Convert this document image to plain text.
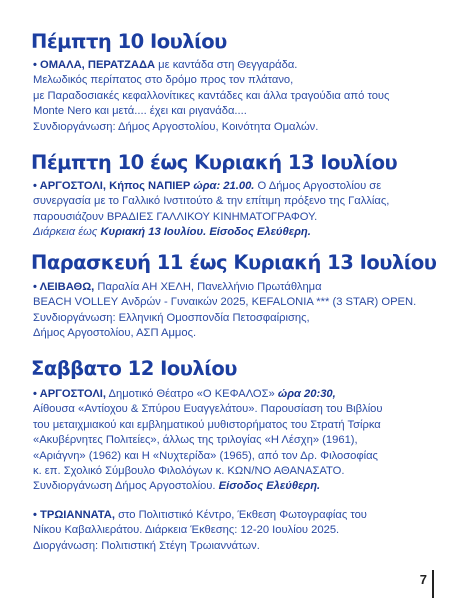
Πέμπτη 10 Ιουλίου
• ΟΜΑΛΑ, ΠΕΡΑΤΖΑΔΑ με καντάδα στη Θεγγαράδα.
Μελωδικός περίπατος στο δρόμο προς τον πλάτανο,
με Παραδοσιακές κεφαλλονίτικες καντάδες και άλλα τραγούδια από τους
Monte Nero και μετά.... έχει και ριγανάδα....
Συνδιοργάνωση: Δήμος Αργοστολίου, Κοινότητα Ομαλών.
Πέμπτη 10 έως Κυριακή 13 Ιουλίου
• ΑΡΓΟΣΤΟΛΙ, Κήπος ΝΑΠΙΕΡ ώρα: 21.00. Ο Δήμος Αργοστολίου σε
συνεργασία με το Γαλλικό Ινστιτούτο & την επίτιμη πρόξενο της Γαλλίας,
παρουσιάζουν ΒΡΑΔΙΕΣ ΓΑΛΛΙΚΟΥ ΚΙΝΗΜΑΤΟΓΡΑΦΟΥ.
Διάρκεια έως Κυριακή 13 Ιουλίου. Είσοδος Ελεύθερη.
Παρασκευή 11 έως Κυριακή 13 Ιουλίου
• ΛΕΙΒΑΘΩ, Παραλία ΑΗ ΧΕΛΗ, Πανελλήνιο Πρωτάθλημα
BEACH VOLLEY Ανδρών - Γυναικών 2025, KEFALONIA *** (3 STAR) OPEN.
Συνδιοργάνωση: Ελληνική Ομοσπονδία Πετοσφαίρισης,
Δήμος Αργοστολίου, ΑΣΠ Αμμος.
Σαββατο 12 Ιουλίου
• ΑΡΓΟΣΤΟΛΙ, Δημοτικό Θέατρο «Ο ΚΕΦΑΛΟΣ» ώρα 20:30,
Αίθουσα «Αντίοχου & Σπύρου Ευαγγελάτου». Παρουσίαση του Βιβλίου
του μεταιχμιακού και εμβληματικού μυθιστορήματος του Στρατή Τσίρκα
«Ακυβέρνητες Πολιτείες», άλλως της τριλογίας «Η Λέσχη» (1961),
«Αριάγνη» (1962) και Η «Νυχτερίδα» (1965), από τον Δρ. Φιλοσοφίας
κ. επ. Σχολικό Σύμβουλο Φιλολόγων κ. ΚΩΝ/ΝΟ ΑΘΑΝΑΣΑΤΟ.
Συνδιοργάνωση Δήμος Αργοστολίου. Είσοδος Ελεύθερη.
• ΤΡΩΙΑΝΝΑΤΑ, στο Πολιτιστικό Κέντρο, Έκθεση Φωτογραφίας του
Νίκου Καβαλλιεράτου. Διάρκεια Έκθεσης: 12-20 Ιουλίου 2025.
Διοργάνωση: Πολιτιστική Στέγη Τρωιαννάτων.
7
